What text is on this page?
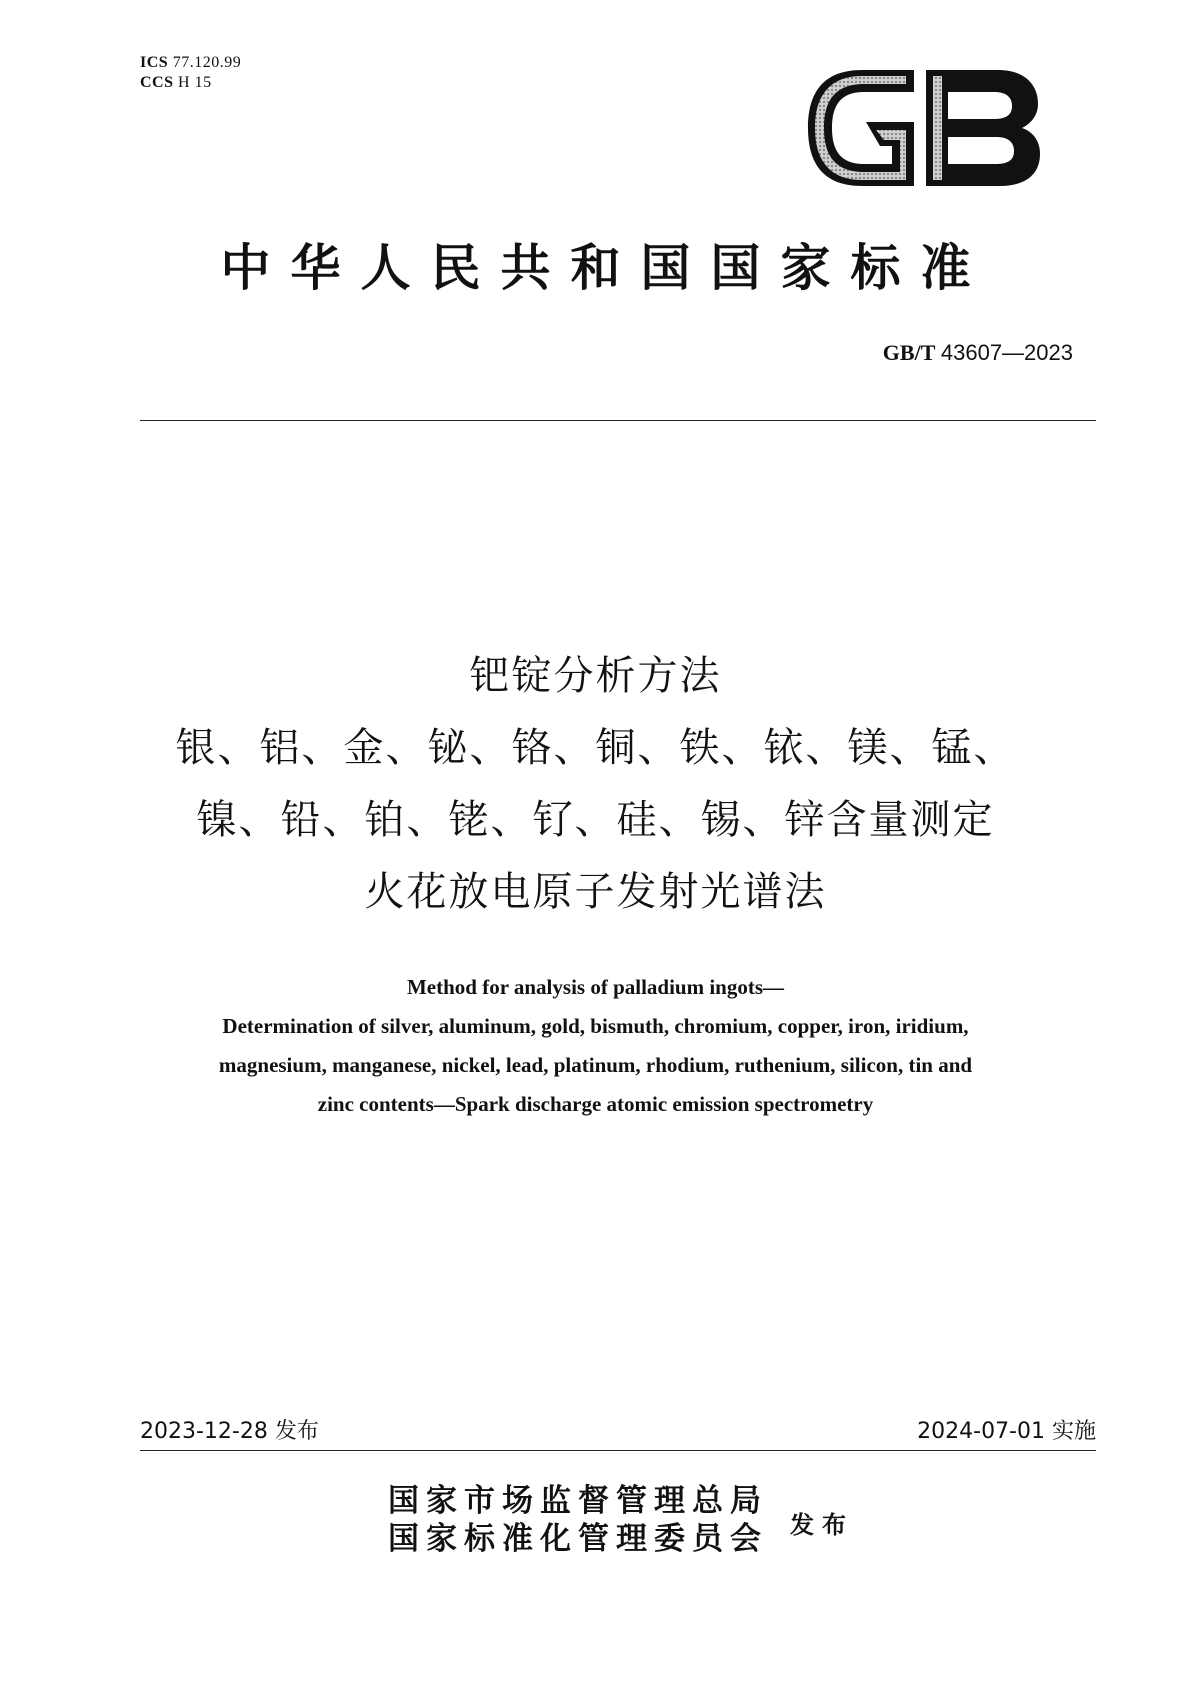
ICS 77.120.99
CCS H 15
中华人民共和国国家标准
GB/T 43607—2023
钯锭分析方法
银、铝、金、铋、铬、铜、铁、铱、镁、锰、
镍、铅、铂、铑、钌、硅、锡、锌含量测定
火花放电原子发射光谱法
Method for analysis of palladium ingots—
Determination of silver, aluminum, gold, bismuth, chromium, copper, iron, iridium,
magnesium, manganese, nickel, lead, platinum, rhodium, ruthenium, silicon, tin and
zinc contents—Spark discharge atomic emission spectrometry
2023-12-28 发布	2024-07-01 实施
国家市场监督管理总局
国家标准化管理委员会 发布
